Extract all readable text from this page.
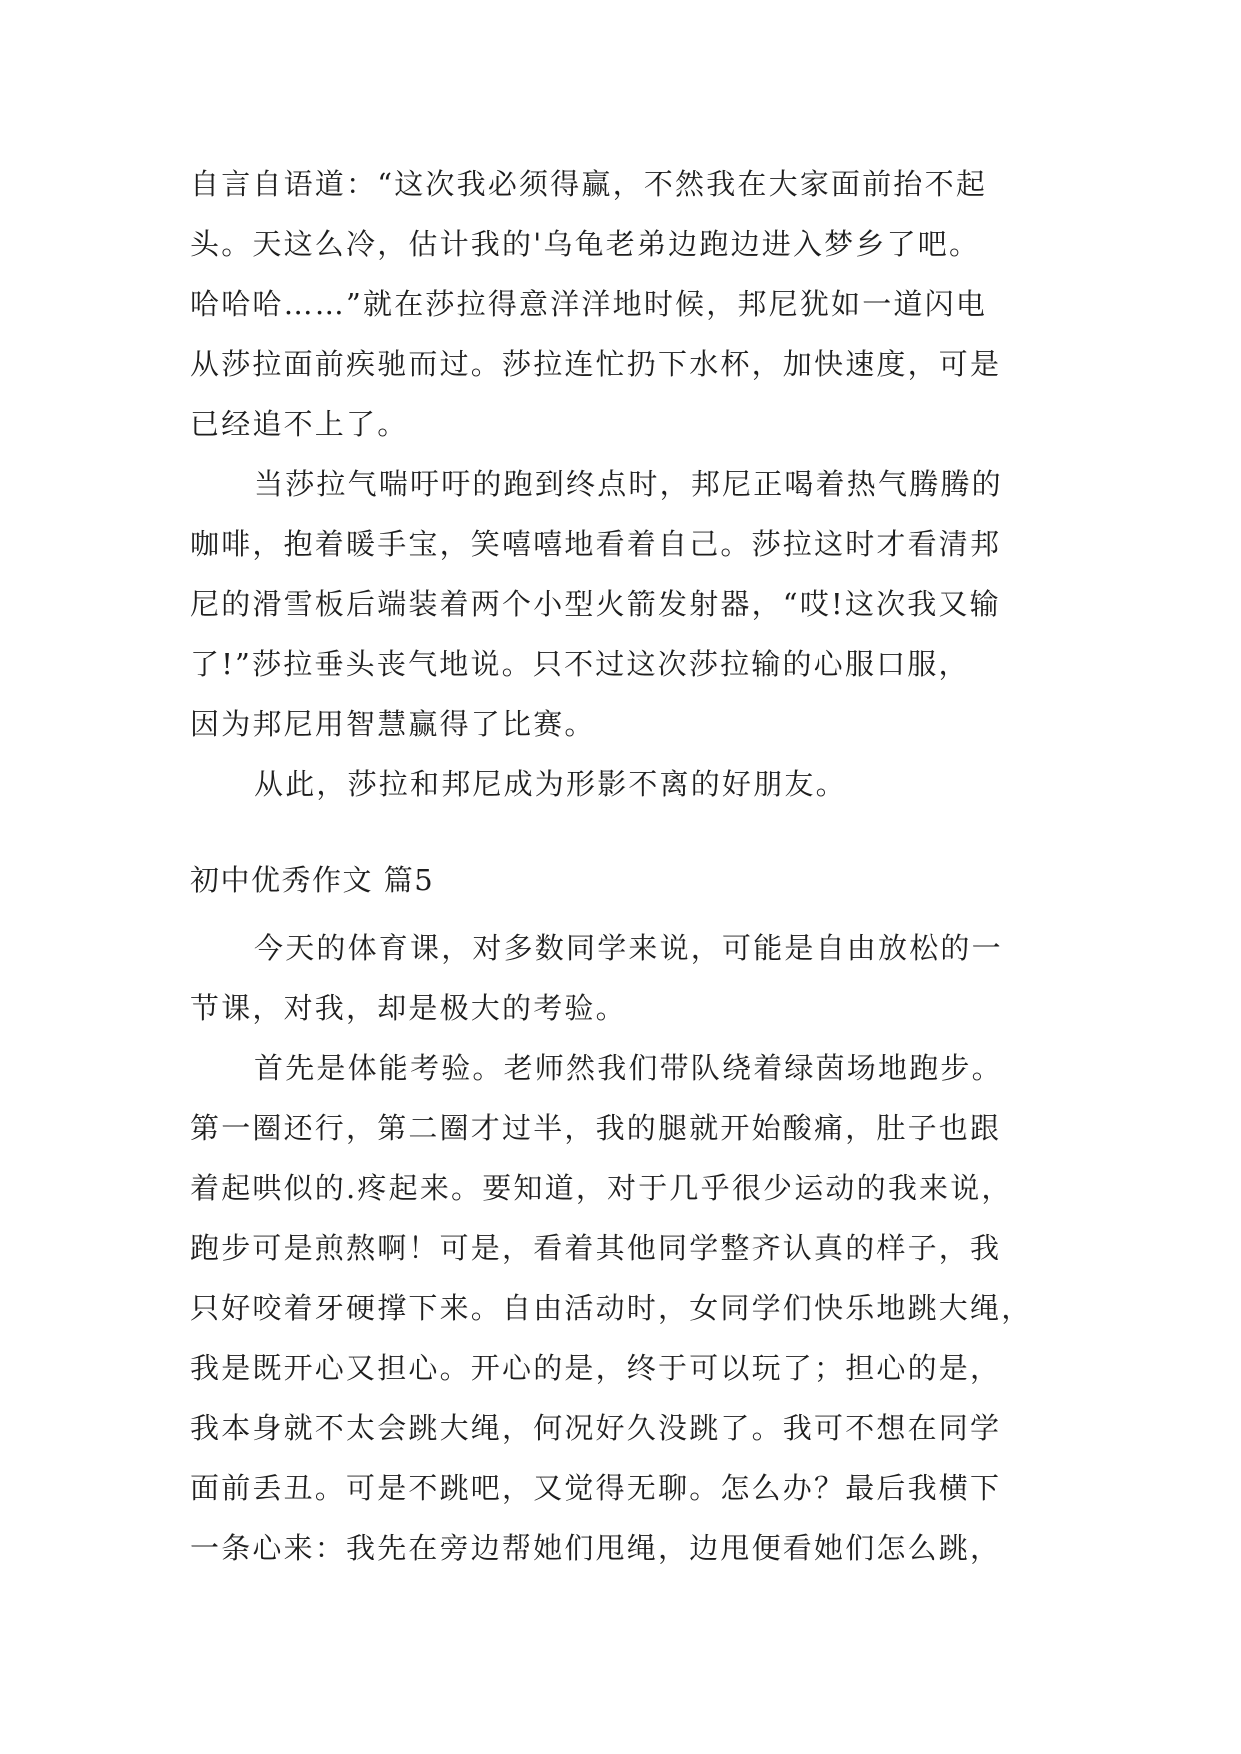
自言自语道：“这次我必须得赢，不然我在大家面前抬不起
头。天这么冷，估计我的'乌龟老弟边跑边进入梦乡了吧。
哈哈哈……”就在莎拉得意洋洋地时候，邦尼犹如一道闪电
从莎拉面前疾驰而过。莎拉连忙扔下水杯，加快速度，可是
已经追不上了。
当莎拉气喘吁吁的跑到终点时，邦尼正喝着热气腾腾的
咖啡，抱着暖手宝，笑嘻嘻地看着自己。莎拉这时才看清邦
尼的滑雪板后端装着两个小型火箭发射器，“哎!这次我又输
了!”莎拉垂头丧气地说。只不过这次莎拉输的心服口服，
因为邦尼用智慧赢得了比赛。
从此，莎拉和邦尼成为形影不离的好朋友。
初中优秀作文 篇5
今天的体育课，对多数同学来说，可能是自由放松的一
节课，对我，却是极大的考验。
首先是体能考验。老师然我们带队绕着绿茵场地跑步。
第一圈还行，第二圈才过半，我的腿就开始酸痛，肚子也跟
着起哄似的.疼起来。要知道，对于几乎很少运动的我来说，
跑步可是煎熬啊！可是，看着其他同学整齐认真的样子，我
只好咬着牙硬撑下来。自由活动时，女同学们快乐地跳大绳，
我是既开心又担心。开心的是，终于可以玩了；担心的是，
我本身就不太会跳大绳，何况好久没跳了。我可不想在同学
面前丢丑。可是不跳吧，又觉得无聊。怎么办？最后我横下
一条心来：我先在旁边帮她们甩绳，边甩便看她们怎么跳，
